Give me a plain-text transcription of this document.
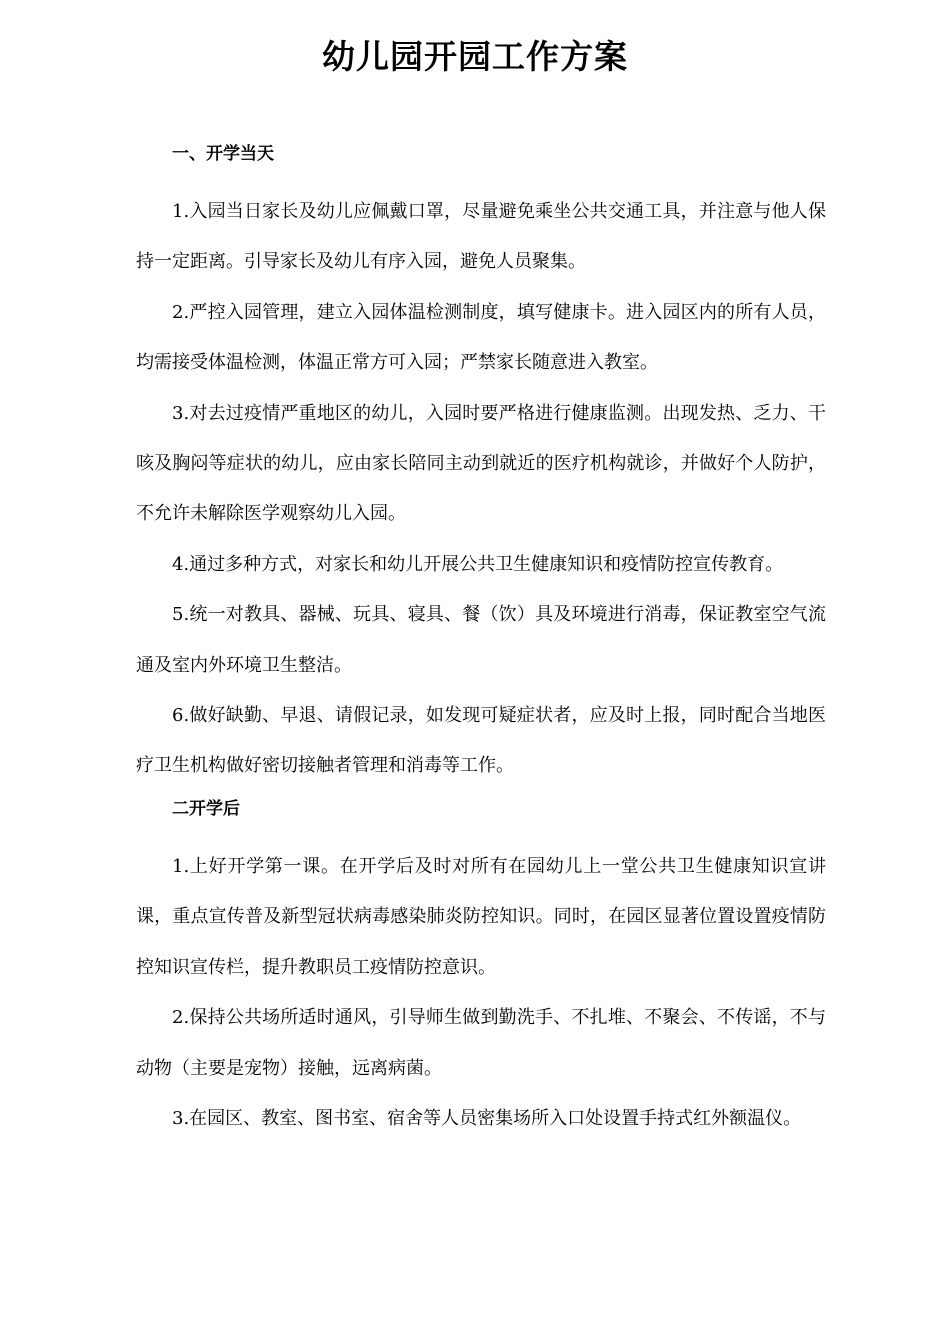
幼儿园开园工作方案
一、开学当天

1.入园当日家长及幼儿应佩戴口罩，尽量避免乘坐公共交通工具，并注意与他人保持一定距离。引导家长及幼儿有序入园，避免人员聚集。

2.严控入园管理，建立入园体温检测制度，填写健康卡。进入园区内的所有人员，均需接受体温检测，体温正常方可入园；严禁家长随意进入教室。

3.对去过疫情严重地区的幼儿，入园时要严格进行健康监测。出现发热、乏力、干咳及胸闷等症状的幼儿，应由家长陪同主动到就近的医疗机构就诊，并做好个人防护，不允许未解除医学观察幼儿入园。

4.通过多种方式，对家长和幼儿开展公共卫生健康知识和疫情防控宣传教育。

5.统一对教具、器械、玩具、寝具、餐（饮）具及环境进行消毒，保证教室空气流通及室内外环境卫生整洁。

6.做好缺勤、早退、请假记录，如发现可疑症状者，应及时上报，同时配合当地医疗卫生机构做好密切接触者管理和消毒等工作。

二开学后

1.上好开学第一课。在开学后及时对所有在园幼儿上一堂公共卫生健康知识宣讲课，重点宣传普及新型冠状病毒感染肺炎防控知识。同时，在园区显著位置设置疫情防控知识宣传栏，提升教职员工疫情防控意识。

2.保持公共场所适时通风，引导师生做到勤洗手、不扎堆、不聚会、不传谣，不与动物（主要是宠物）接触，远离病菌。

3.在园区、教室、图书室、宿舍等人员密集场所入口处设置手持式红外额温仪。
